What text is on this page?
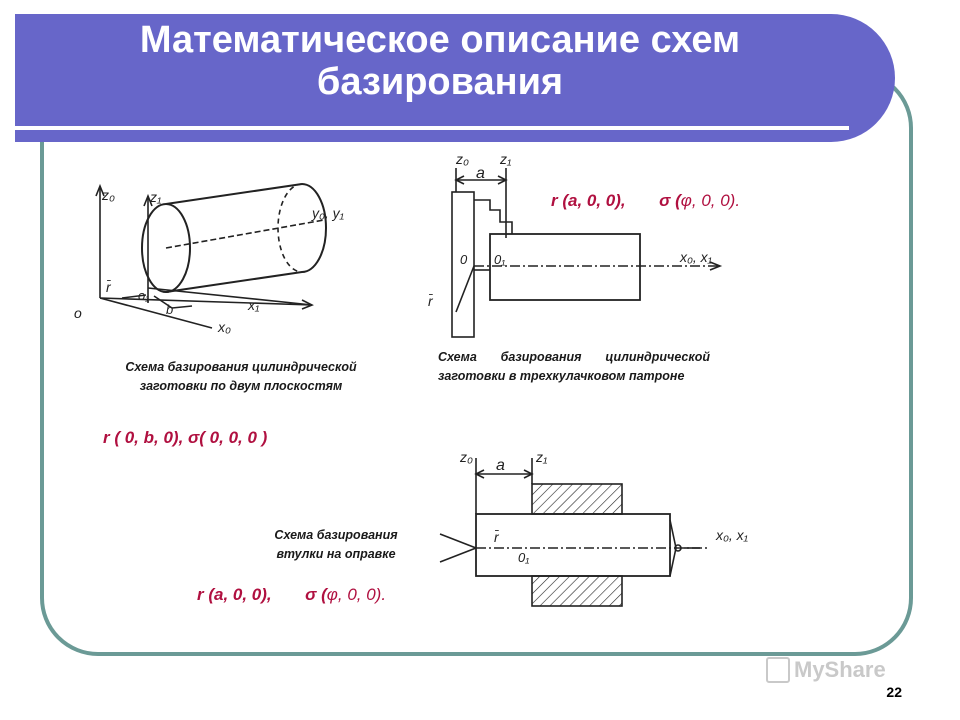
Математическое описание схем базирования
z₀	z₁
y₀, y₁
x₁
x₀
r̄
o₁
b
o
Схема базирования цилиндрической заготовки по двум плоскостям
r ( 0, b, 0), σ( 0, 0, 0 )
z₀ z₁
a
x₀, x₁
0 0₁
r̄
r (a, 0, 0), σ (φ, 0, 0).
Схема базирования цилиндрической заготовки в трехкулачковом патроне
z₀	z₁
a
x₀, x₁
r̄
0₁
Схема базирования втулки на оправке
r (a, 0, 0), σ (φ, 0, 0).
MyShare
22
